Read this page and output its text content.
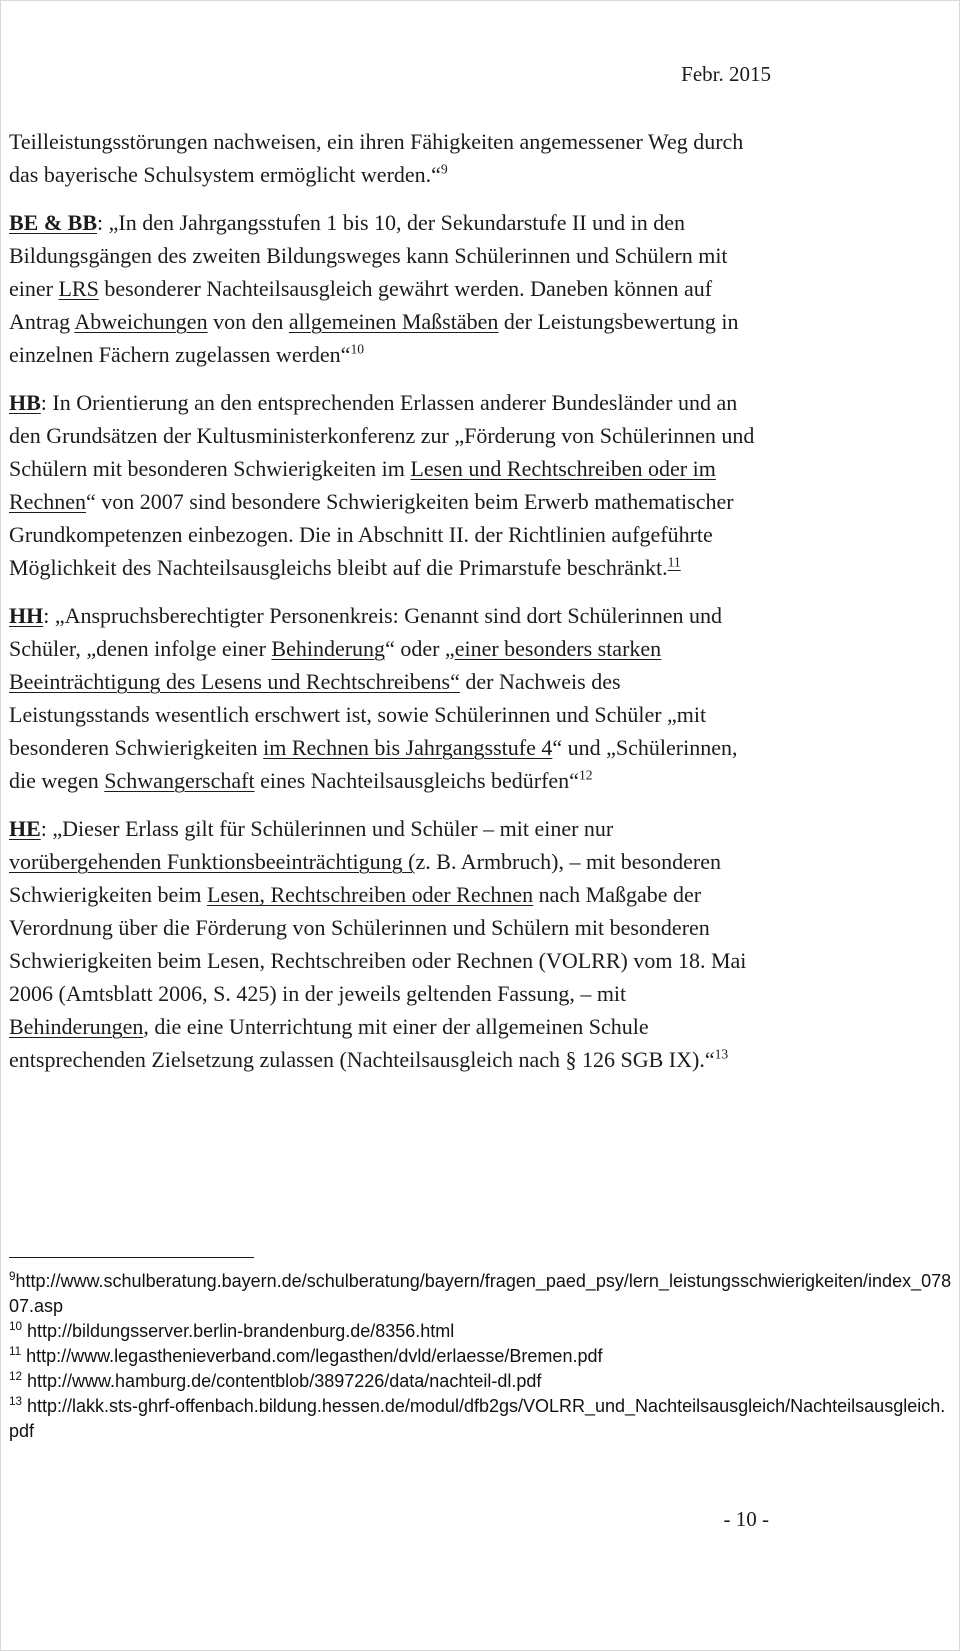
Febr. 2015

Teilleistungsstörungen nachweisen, ein ihren Fähigkeiten angemessener Weg durch das bayerische Schulsystem ermöglicht werden.“$^9$

BE & BB: „In den Jahrgangsstufen 1 bis 10, der Sekundarstufe II und in den Bildungsgängen des zweiten Bildungsweges kann Schülerinnen und Schülern mit einer LRS besonderer Nachteilsausgleich gewährt werden. Daneben können auf Antrag Abweichungen von den allgemeinen Maßstäben der Leistungsbewertung in einzelnen Fächern zugelassen werden“$^{10}$

HB: In Orientierung an den entsprechenden Erlassen anderer Bundesländer und an den Grundsätzen der Kultusministerkonferenz zur „Förderung von Schülerinnen und Schülern mit besonderen Schwierigkeiten im Lesen und Rechtschreiben oder im Rechnen“ von 2007 sind besondere Schwierigkeiten beim Erwerb mathematischer Grundkompetenzen einbezogen. Die in Abschnitt II. der Richtlinien aufgeführte Möglichkeit des Nachteilsausgleichs bleibt auf die Primarstufe beschränkt.$^{11}$

HH: „Anspruchsberechtigter Personenkreis: Genannt sind dort Schülerinnen und Schüler, „denen infolge einer Behinderung“ oder „einer besonders starken Beeinträchtigung des Lesens und Rechtschreibens“ der Nachweis des Leistungsstands wesentlich erschwert ist, sowie Schülerinnen und Schüler „mit besonderen Schwierigkeiten im Rechnen bis Jahrgangsstufe 4“ und „Schülerinnen, die wegen Schwangerschaft eines Nachteilsausgleichs bedürfen“$^{12}$

HE: „Dieser Erlass gilt für Schülerinnen und Schüler – mit einer nur vorübergehenden Funktionsbeeinträchtigung (z. B. Armbruch), – mit besonderen Schwierigkeiten beim Lesen, Rechtschreiben oder Rechnen nach Maßgabe der Verordnung über die Förderung von Schülerinnen und Schülern mit besonderen Schwierigkeiten beim Lesen, Rechtschreiben oder Rechnen (VOLRR) vom 18. Mai 2006 (Amtsblatt 2006, S. 425) in der jeweils geltenden Fassung, – mit Behinderungen, die eine Unterrichtung mit einer der allgemeinen Schule entsprechenden Zielsetzung zulassen (Nachteilsausgleich nach § 126 SGB IX).“$^{13}$

$^9$http://www.schulberatung.bayern.de/schulberatung/bayern/fragen_paed_psy/lern_leistungsschwierigkeiten/index_07807.asp
$^{10}$ http://bildungsserver.berlin-brandenburg.de/8356.html
$^{11}$ http://www.legasthenieverband.com/legasthen/dvld/erlaesse/Bremen.pdf
$^{12}$ http://www.hamburg.de/contentblob/3897226/data/nachteil-dl.pdf
$^{13}$ http://lakk.sts-ghrf-offenbach.bildung.hessen.de/modul/dfb2gs/VOLRR_und_Nachteilsausgleich/Nachteilsausgleich.pdf
- 10 -
